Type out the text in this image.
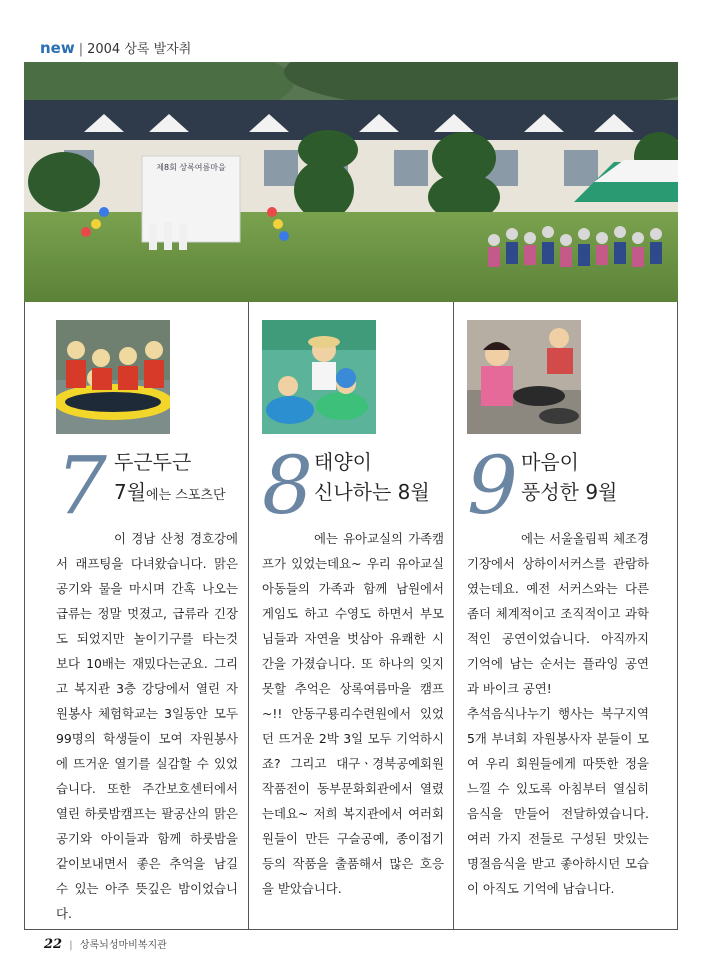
new | 2004 상록 발자취
제8회 상록여름마을
7 두근두근
7월에는 스포츠단

이 경남 산청 경호강에서 래프팅을 다녀왔습니다. 맑은 공기와 물을 마시며 간혹 나오는 급류는 정말 멋졌고, 급류라 긴장도 되었지만 놀이기구를 타는것 보다 10배는 재밌다는군요. 그리고 복지관 3층 강당에서 열린 자원봉사 체험학교는 3일동안 모두 99명의 학생들이 모여 자원봉사에 뜨거운 열기를 실감할 수 있었습니다. 또한 주간보호센터에서 열린 하룻밤캠프는 팔공산의 맑은 공기와 아이들과 함께 하룻밤을 같이보내면서 좋은 추억을 남길 수 있는 아주 뜻깊은 밤이었습니다.

8 태양이
신나하는 8월

에는 유아교실의 가족캠프가 있었는데요~ 우리 유아교실 아동들의 가족과 함께 남원에서 게임도 하고 수영도 하면서 부모님들과 자연을 벗삼아 유쾌한 시간을 가졌습니다. 또 하나의 잊지 못할 추억은 상록여름마을 캠프~!! 안동구룡리수련원에서 있었던 뜨거운 2박 3일 모두 기억하시죠? 그리고 대구ㆍ경북공예회원 작품전이 동부문화회관에서 열렸는데요~ 저희 복지관에서 여러회원들이 만든 구슬공예, 종이접기등의 작품을 출품해서 많은 호응을 받았습니다.

9 마음이
풍성한 9월

에는 서울올림픽 체조경기장에서 상하이서커스를 관람하였는데요. 예전 서커스와는 다른 좀더 체계적이고 조직적이고 과학적인 공연이었습니다. 아직까지 기억에 남는 순서는 플라잉 공연과 바이크 공연!

추석음식나누기 행사는 북구지역 5개 부녀회 자원봉사자 분들이 모여 우리 회원들에게 따뜻한 정을 느낄 수 있도록 아침부터 열심히 음식을 만들어 전달하였습니다. 여러 가지 전들로 구성된 맛있는 명절음식을 받고 좋아하시던 모습이 아직도 기억에 남습니다.

22 | 상록뇌성마비복지관
